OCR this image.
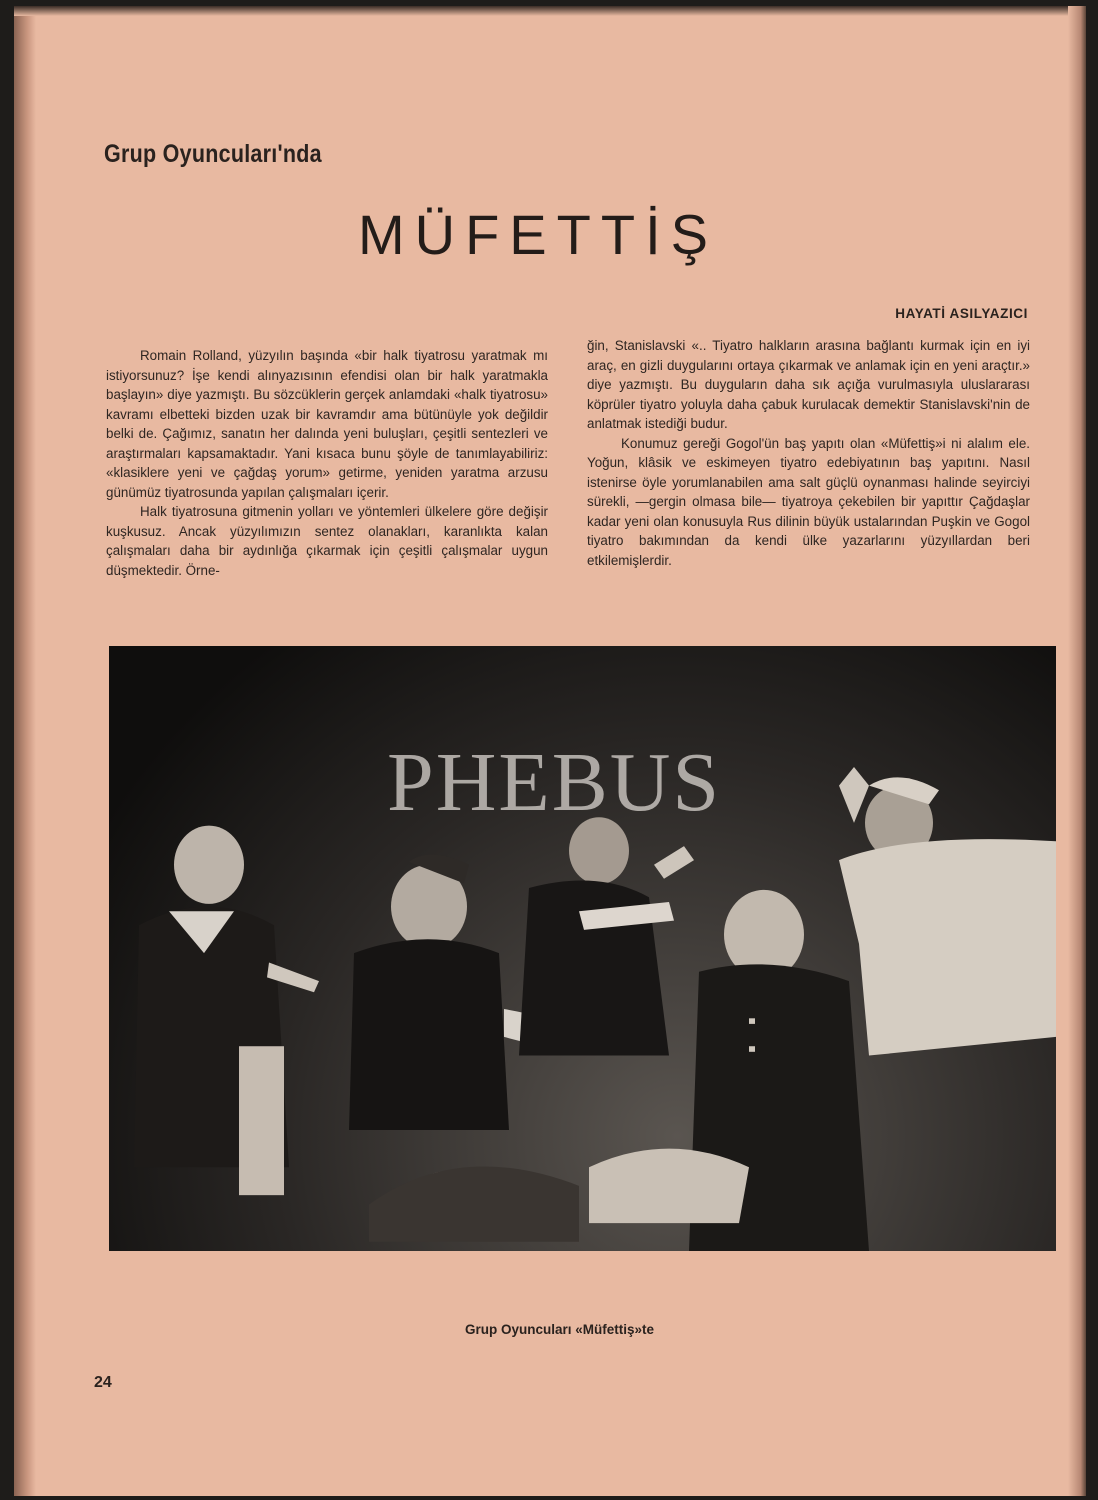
Grup Oyuncuları'nda
MÜFETTİŞ
HAYATİ ASILYAZICI

Romain Rolland, yüzyılın başında «bir halk tiyatrosu yaratmak mı istiyorsunuz? İşe kendi alınyazısının efendisi olan bir halk yaratmakla başlayın» diye yazmıştı. Bu sözcüklerin gerçek anlamdaki «halk tiyatrosu» kavramı elbetteki bizden uzak bir kavramdır ama bütünüyle yok değildir belki de. Çağımız, sanatın her dalında yeni buluşları, çeşitli sentezleri ve araştırmaları kapsamaktadır. Yani kısaca bunu şöyle de tanımlayabiliriz: «klasiklere yeni ve çağdaş yorum» getirme, yeniden yaratma arzusu günümüz tiyatrosunda yapılan çalışmaları içerir.

Halk tiyatrosuna gitmenin yolları ve yöntemleri ülkelere göre değişir kuşkusuz. Ancak yüzyılımızın sentez olanakları, karanlıkta kalan çalışmaları daha bir aydınlığa çıkarmak için çeşitli çalışmalar uygun düşmektedir. Örne-

ğin, Stanislavski «.. Tiyatro halkların arasına bağlantı kurmak için en iyi araç, en gizli duygularını ortaya çıkarmak ve anlamak için en yeni araçtır.» diye yazmıştı. Bu duyguların daha sık açığa vurulmasıyla uluslararası köprüler tiyatro yoluyla daha çabuk kurulacak demektir Stanislavski'nin de anlatmak istediği budur.

Konumuz gereği Gogol'ün baş yapıtı olan «Müfettiş»i ni alalım ele. Yoğun, klâsik ve eskimeyen tiyatro edebiyatının baş yapıtını. Nasıl istenirse öyle yorumlanabilen ama salt güçlü oynanması halinde seyirciyi sürekli, —gergin olmasa bile— tiyatroya çekebilen bir yapıttır Çağdaşlar kadar yeni olan konusuyla Rus dilinin büyük ustalarından Puşkin ve Gogol tiyatro bakımından da kendi ülke yazarlarını yüzyıllardan beri etkilemişlerdir.

PHEBUS
Grup Oyuncuları «Müfettiş»te
24
